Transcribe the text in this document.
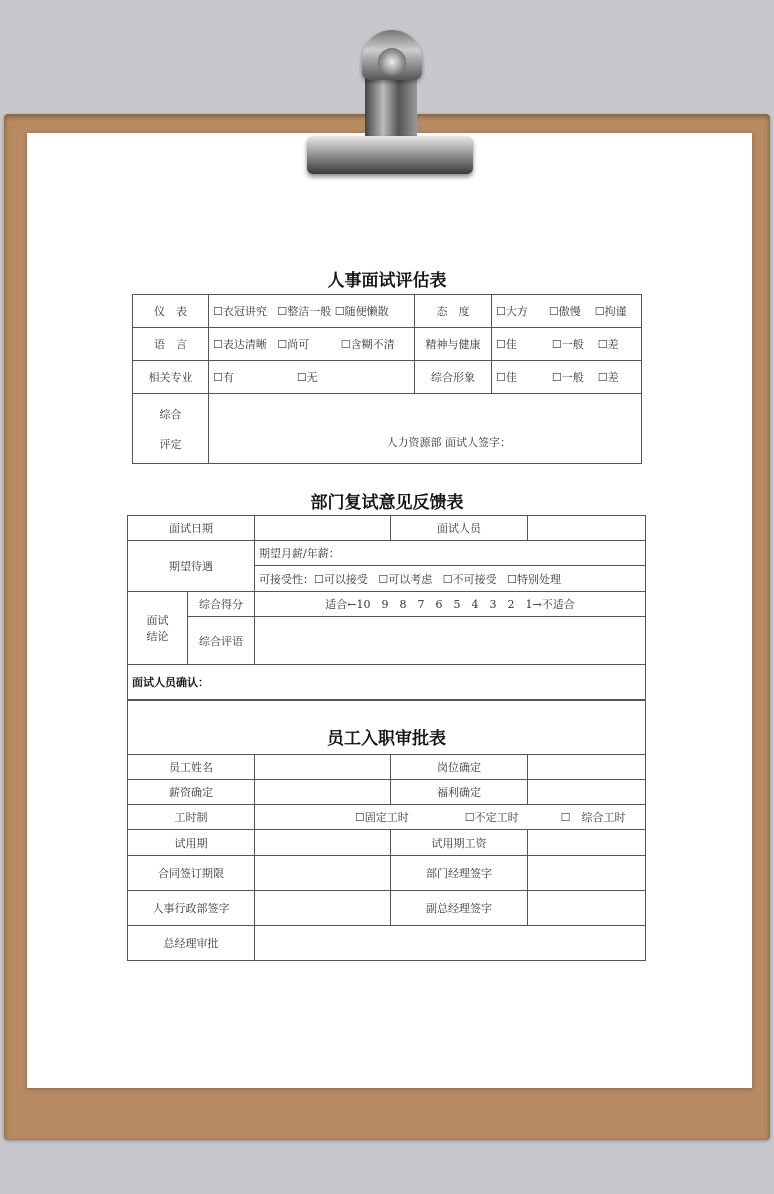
人事面试评估表
仪　表	☐衣冠讲究 ☐整洁一般 ☐随便懒散	态　度	☐大方 ☐傲慢 ☐拘谨
语　言	☐表达清晰 ☐尚可 ☐含糊不清	精神与健康	☐佳 ☐一般 ☐差
相关专业	☐有 ☐无	综合形象	☐佳 ☐一般 ☐差

综合
评定	人力资源部 面试人签字：		
部门复试意见反馈表
面试日期			面试人员	
期望待遇		期望月薪/年薪：		
		可接受性：☐可以接受 ☐可以考虑 ☐不可接受 ☐特别处理		

面试
结论	综合得分	适合←10　9　8　7　6　5　4　3　2　1→不适合		
	综合评语			
面试人员确认：				
员工入职审批表			
员工姓名		岗位确定	
薪资确定		福利确定	
工时制	☐固定工时 ☐不定工时 ☐　综合工时		
试用期		试用期工资	
合同签订期限		部门经理签字	
人事行政部签字		副总经理签字	
总经理审批			
